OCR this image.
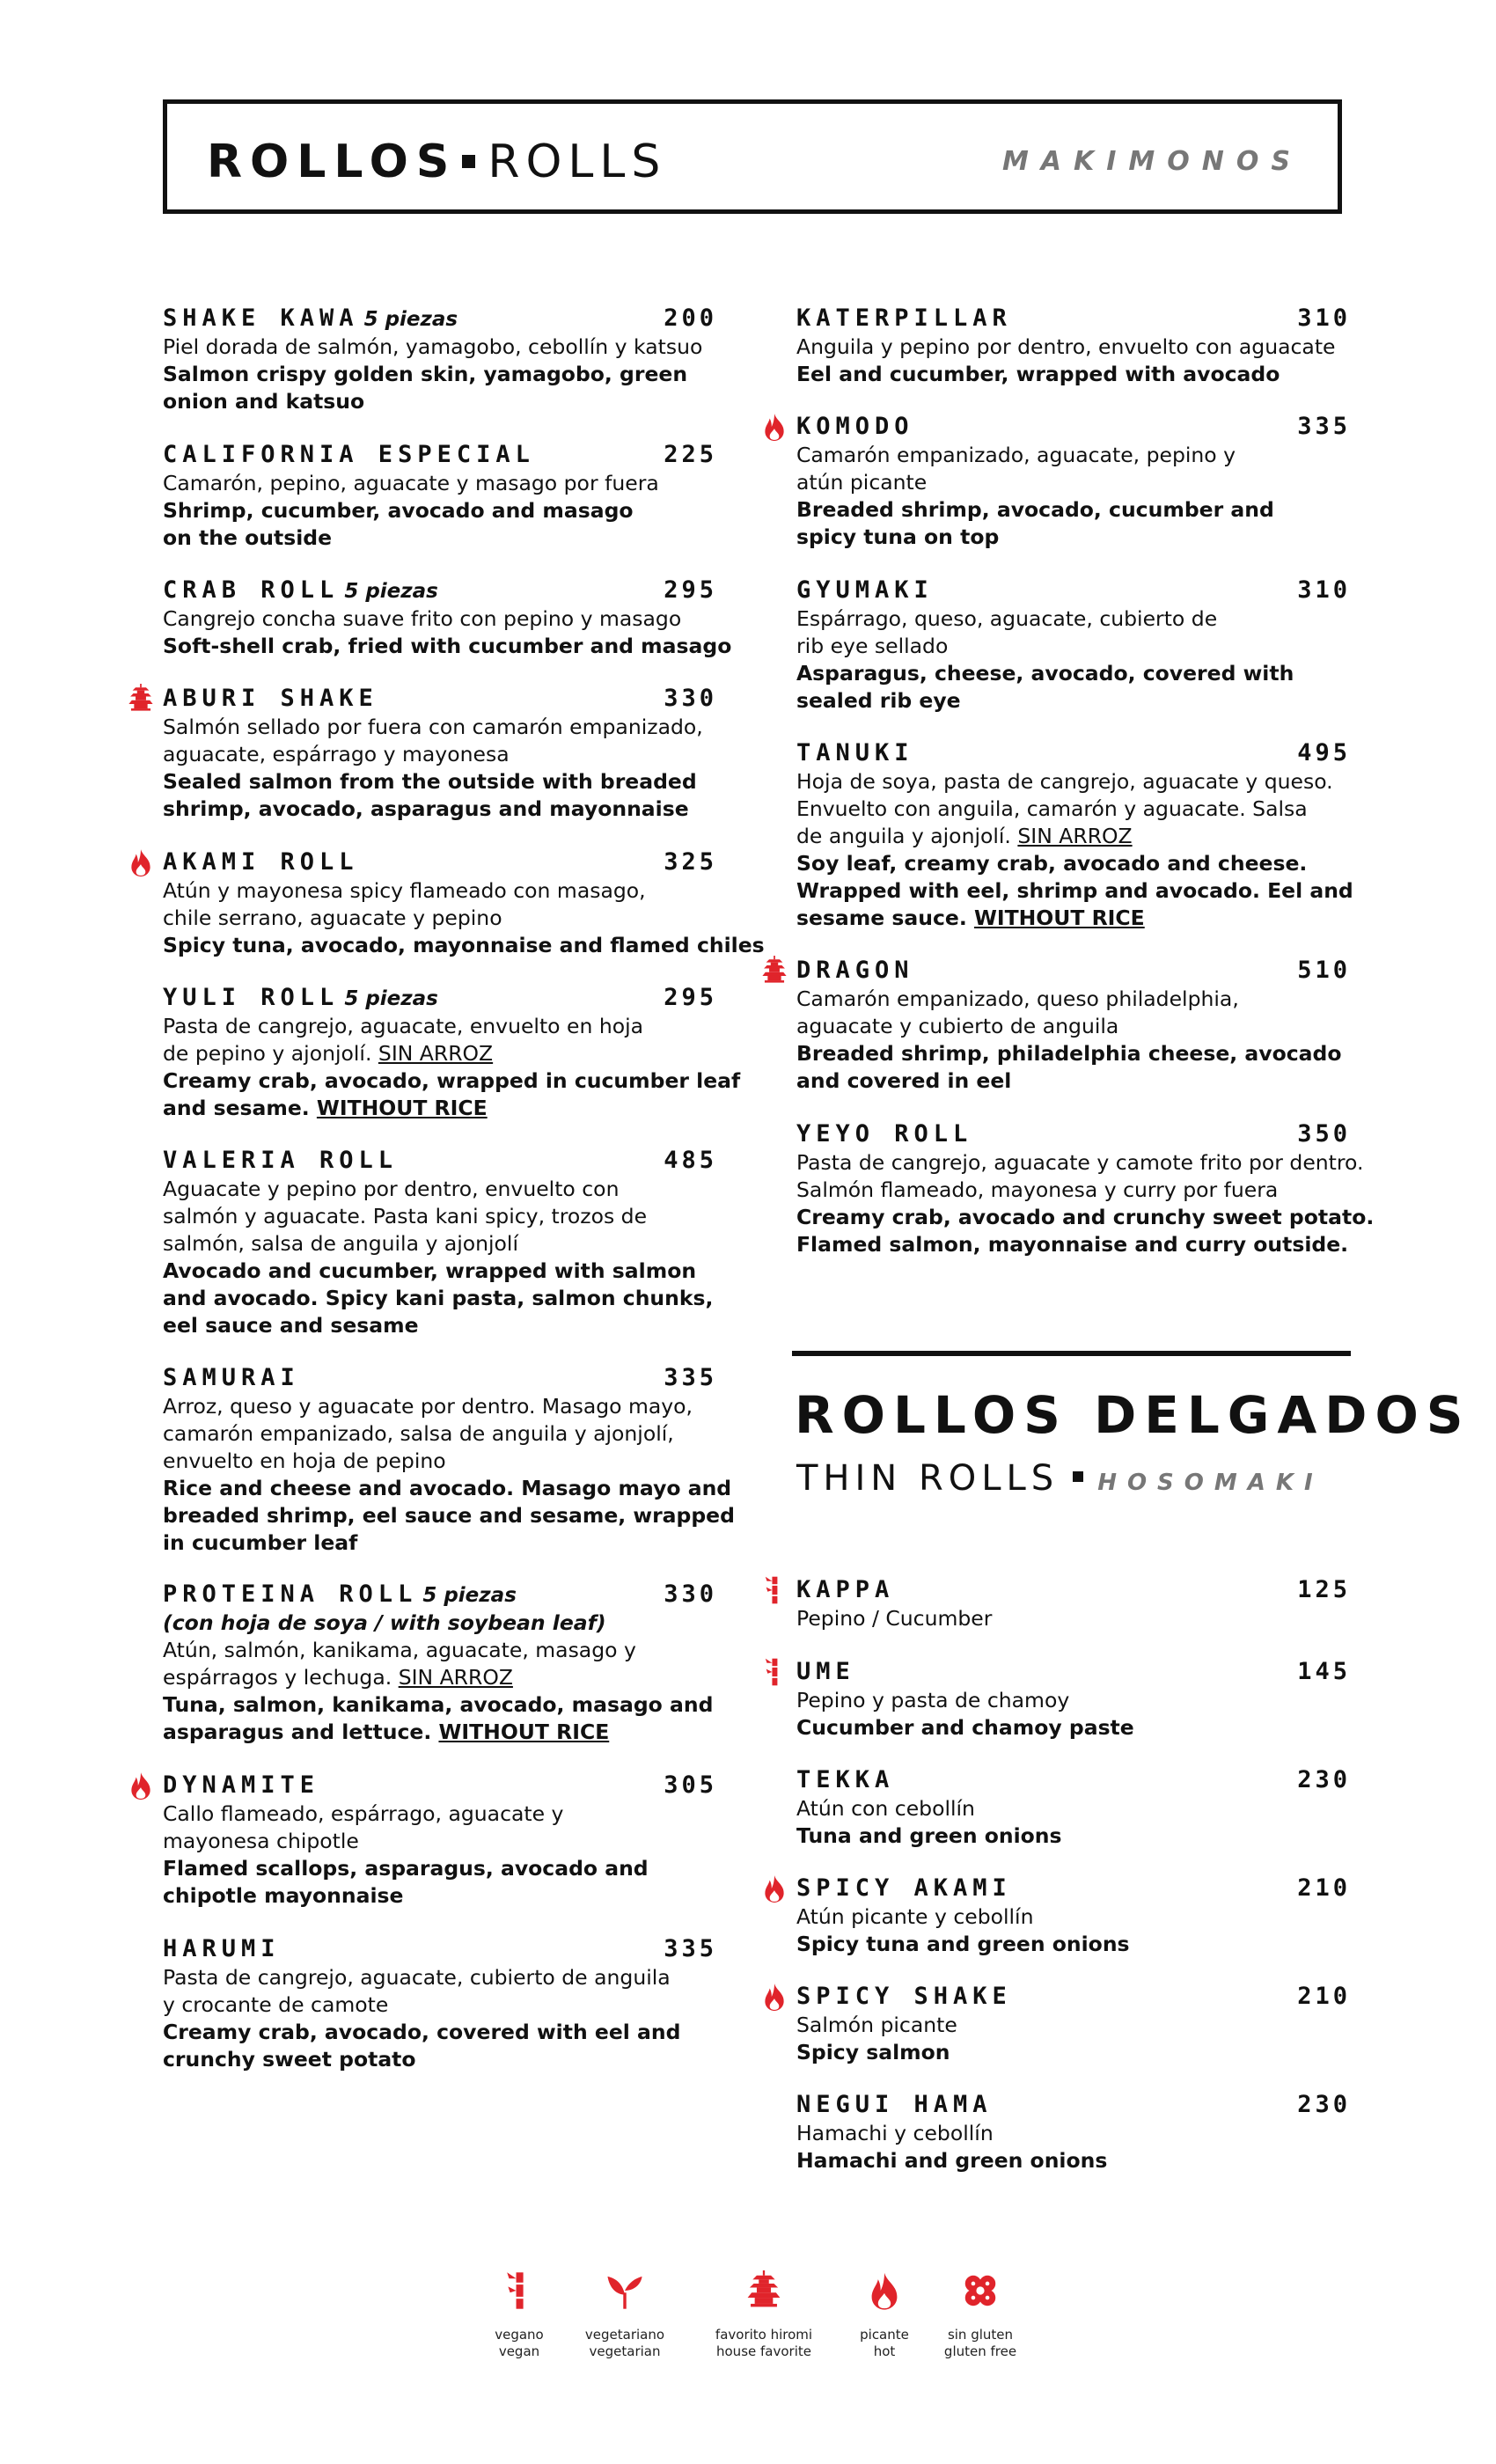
ROLLOS ROLLS	MAKIMONOS
SHAKE KAWA 5 piezas	200
Piel dorada de salmón, yamagobo, cebollín y katsuo
Salmon crispy golden skin, yamagobo, green
onion and katsuo
CALIFORNIA ESPECIAL	225
Camarón, pepino, aguacate y masago por fuera
Shrimp, cucumber, avocado and masago
on the outside
CRAB ROLL 5 piezas	295
Cangrejo concha suave frito con pepino y masago
Soft-shell crab, fried with cucumber and masago
ABURI SHAKE	330
Salmón sellado por fuera con camarón empanizado,
aguacate, espárrago y mayonesa
Sealed salmon from the outside with breaded
shrimp, avocado, asparagus and mayonnaise
AKAMI ROLL	325
Atún y mayonesa spicy flameado con masago,
chile serrano, aguacate y pepino
Spicy tuna, avocado, mayonnaise and flamed chiles
YULI ROLL 5 piezas	295
Pasta de cangrejo, aguacate, envuelto en hoja
de pepino y ajonjolí. SIN ARROZ
Creamy crab, avocado, wrapped in cucumber leaf
and sesame. WITHOUT RICE
VALERIA ROLL	485
Aguacate y pepino por dentro, envuelto con
salmón y aguacate. Pasta kani spicy, trozos de
salmón, salsa de anguila y ajonjolí
Avocado and cucumber, wrapped with salmon
and avocado. Spicy kani pasta, salmon chunks,
eel sauce and sesame
SAMURAI	335
Arroz, queso y aguacate por dentro. Masago mayo,
camarón empanizado, salsa de anguila y ajonjolí,
envuelto en hoja de pepino
Rice and cheese and avocado. Masago mayo and
breaded shrimp, eel sauce and sesame, wrapped
in cucumber leaf
PROTEINA ROLL 5 piezas	330
(con hoja de soya / with soybean leaf)
Atún, salmón, kanikama, aguacate, masago y
espárragos y lechuga. SIN ARROZ
Tuna, salmon, kanikama, avocado, masago and
asparagus and lettuce. WITHOUT RICE
DYNAMITE	305
Callo flameado, espárrago, aguacate y
mayonesa chipotle
Flamed scallops, asparagus, avocado and
chipotle mayonnaise
HARUMI	335
Pasta de cangrejo, aguacate, cubierto de anguila
y crocante de camote
Creamy crab, avocado, covered with eel and
crunchy sweet potato
KATERPILLAR	310
Anguila y pepino por dentro, envuelto con aguacate
Eel and cucumber, wrapped with avocado
KOMODO	335
Camarón empanizado, aguacate, pepino y
atún picante
Breaded shrimp, avocado, cucumber and
spicy tuna on top
GYUMAKI	310
Espárrago, queso, aguacate, cubierto de
rib eye sellado
Asparagus, cheese, avocado, covered with
sealed rib eye
TANUKI	495
Hoja de soya, pasta de cangrejo, aguacate y queso.
Envuelto con anguila, camarón y aguacate. Salsa
de anguila y ajonjolí. SIN ARROZ
Soy leaf, creamy crab, avocado and cheese.
Wrapped with eel, shrimp and avocado. Eel and
sesame sauce. WITHOUT RICE
DRAGON	510
Camarón empanizado, queso philadelphia,
aguacate y cubierto de anguila
Breaded shrimp, philadelphia cheese, avocado
and covered in eel
YEYO ROLL	350
Pasta de cangrejo, aguacate y camote frito por dentro.
Salmón flameado, mayonesa y curry por fuera
Creamy crab, avocado and crunchy sweet potato.
Flamed salmon, mayonnaise and curry outside.
ROLLOS DELGADOS
THIN ROLLS HOSOMAKI
KAPPA	125
Pepino / Cucumber
UME	145
Pepino y pasta de chamoy
Cucumber and chamoy paste
TEKKA	230
Atún con cebollín
Tuna and green onions
SPICY AKAMI	210
Atún picante y cebollín
Spicy tuna and green onions
SPICY SHAKE	210
Salmón picante
Spicy salmon
NEGUI HAMA	230
Hamachi y cebollín
Hamachi and green onions
vegano
vegan
vegetariano
vegetarian
favorito hiromi
house favorite
picante
hot
sin gluten
gluten free
